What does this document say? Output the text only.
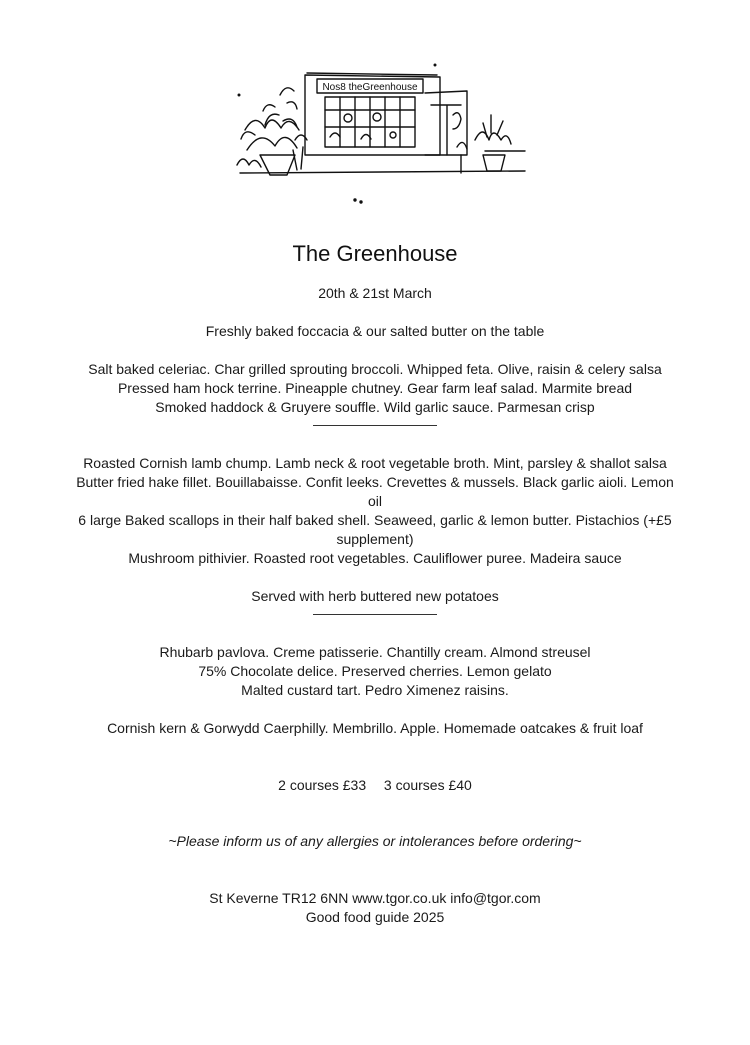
Nos8 theGreenhouse
The Greenhouse
20th & 21st March
Freshly baked foccacia & our salted butter on the table
Salt baked celeriac. Char grilled sprouting broccoli. Whipped feta. Olive, raisin & celery salsa
Pressed ham hock terrine. Pineapple chutney. Gear farm leaf salad. Marmite bread
Smoked haddock & Gruyere souffle. Wild garlic sauce. Parmesan crisp
Roasted Cornish lamb chump. Lamb neck & root vegetable broth. Mint, parsley & shallot salsa
Butter fried hake fillet. Bouillabaisse. Confit leeks. Crevettes & mussels. Black garlic aioli. Lemon oil
6 large Baked scallops in their half baked shell. Seaweed, garlic & lemon butter. Pistachios (+£5 supplement)
Mushroom pithivier. Roasted root vegetables. Cauliflower puree. Madeira sauce
Served with herb buttered new potatoes
Rhubarb pavlova. Creme patisserie. Chantilly cream. Almond streusel
75% Chocolate delice. Preserved cherries. Lemon gelato
Malted custard tart. Pedro Ximenez raisins.
Cornish kern & Gorwydd Caerphilly. Membrillo. Apple. Homemade oatcakes & fruit loaf
2 courses £33 3 courses £40
~Please inform us of any allergies or intolerances before ordering~
St Keverne TR12 6NN www.tgor.co.uk info@tgor.com
Good food guide 2025
